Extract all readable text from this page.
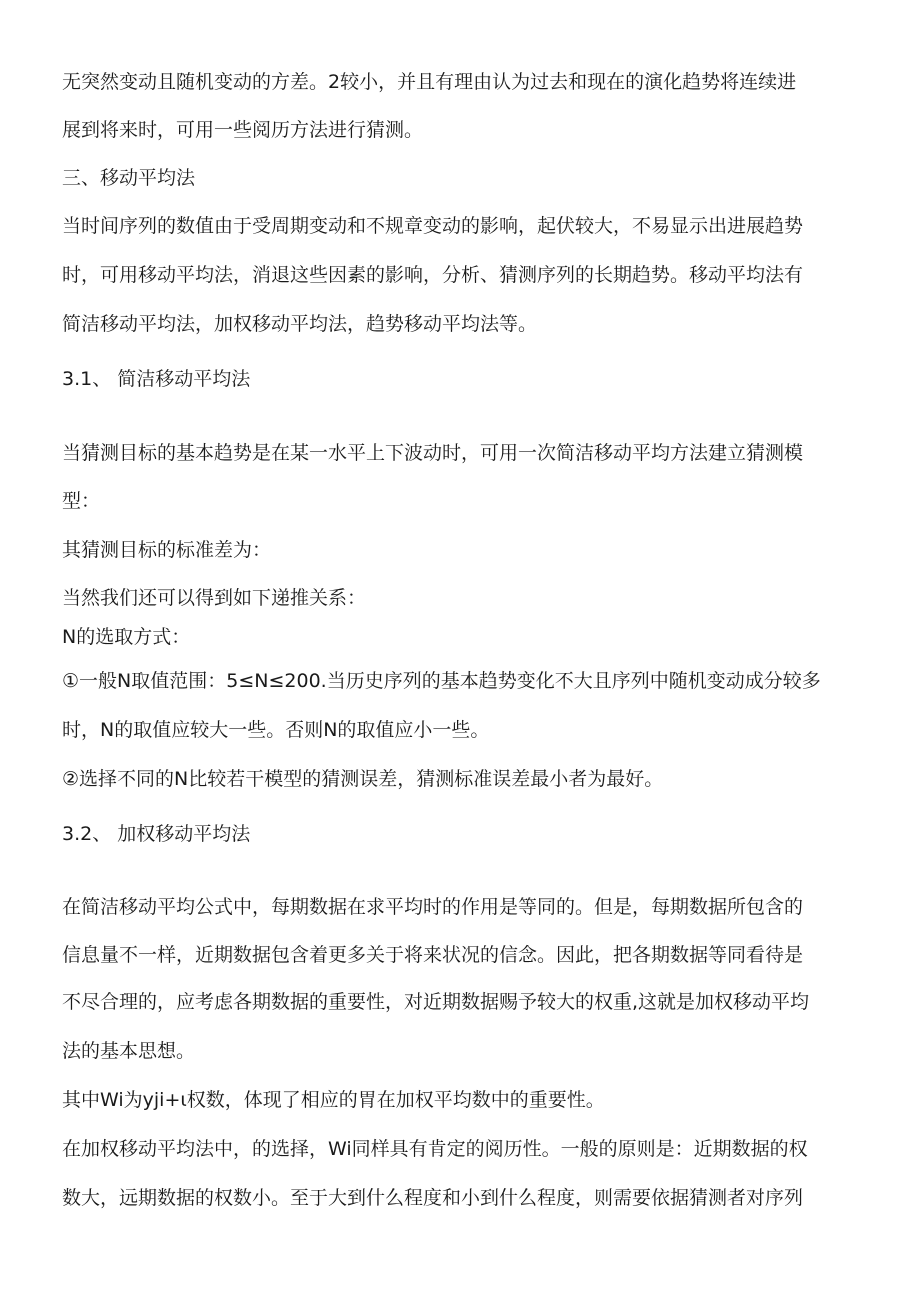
无突然变动且随机变动的方差。2较小，并且有理由认为过去和现在的演化趋势将连续进
展到将来时，可用一些阅历方法进行猜测。
三、移动平均法
当时间序列的数值由于受周期变动和不规章变动的影响，起伏较大，不易显示出进展趋势
时，可用移动平均法，消退这些因素的影响，分析、猜测序列的长期趋势。移动平均法有
简洁移动平均法，加权移动平均法，趋势移动平均法等。
3.1、 简洁移动平均法
当猜测目标的基本趋势是在某一水平上下波动时，可用一次简洁移动平均方法建立猜测模
型：
其猜测目标的标准差为：
当然我们还可以得到如下递推关系：
N的选取方式：
①一般N取值范围：5≤N≤200.当历史序列的基本趋势变化不大且序列中随机变动成分较多
时，N的取值应较大一些。否则N的取值应小一些。
②选择不同的N比较若干模型的猜测误差，猜测标准误差最小者为最好。
3.2、 加权移动平均法
在简洁移动平均公式中，每期数据在求平均时的作用是等同的。但是，每期数据所包含的
信息量不一样，近期数据包含着更多关于将来状况的信念。因此，把各期数据等同看待是
不尽合理的，应考虑各期数据的重要性，对近期数据赐予较大的权重,这就是加权移动平均
法的基本思想。
其中Wi为yji+ι权数，体现了相应的胃在加权平均数中的重要性。
在加权移动平均法中，的选择，Wi同样具有肯定的阅历性。一般的原则是：近期数据的权
数大，远期数据的权数小。至于大到什么程度和小到什么程度，则需要依据猜测者对序列
